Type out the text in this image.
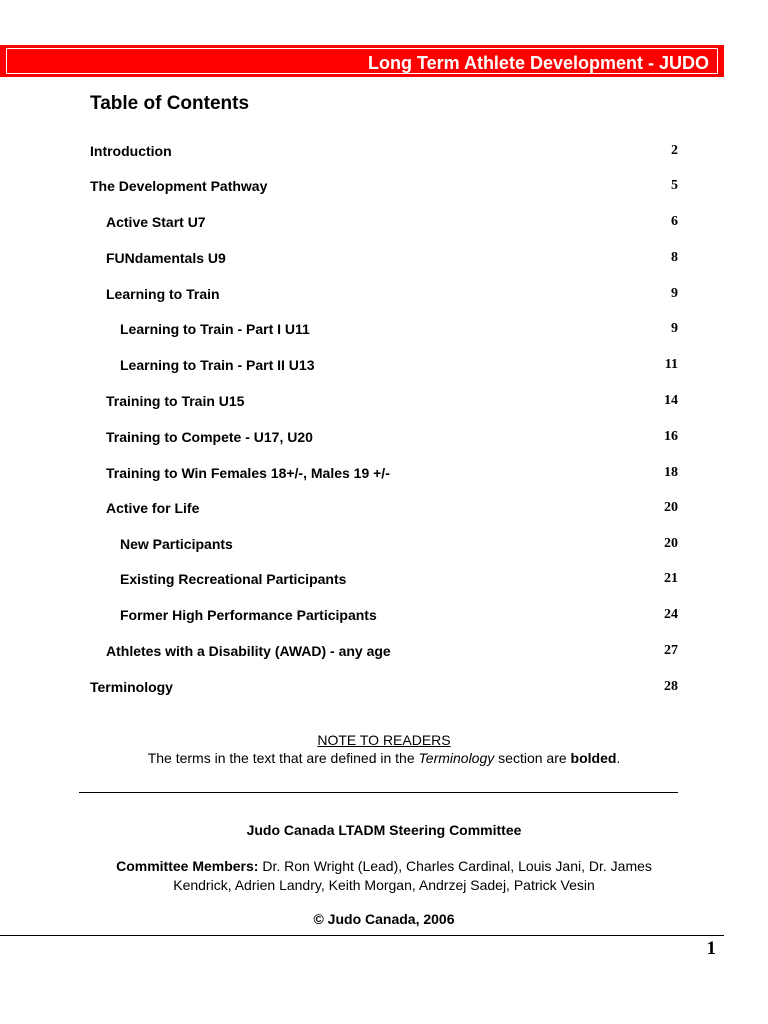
Long Term Athlete Development - JUDO
Table of Contents
Introduction	2
The Development Pathway	5
Active Start U7	6
FUNdamentals U9	8
Learning to Train	9
Learning to Train - Part I U11	9
Learning to Train - Part II U13	11
Training to Train U15	14
Training to Compete - U17, U20	16
Training to Win Females 18+/-, Males 19 +/-	18
Active for Life	20
New Participants	20
Existing Recreational Participants	21
Former High Performance Participants	24
Athletes with a Disability (AWAD) - any age	27
Terminology	28
NOTE TO READERS
The terms in the text that are defined in the Terminology section are bolded.
Judo Canada LTADM Steering Committee
Committee Members: Dr. Ron Wright (Lead), Charles Cardinal, Louis Jani, Dr. James
Kendrick, Adrien Landry, Keith Morgan, Andrzej Sadej, Patrick Vesin
© Judo Canada, 2006
1
